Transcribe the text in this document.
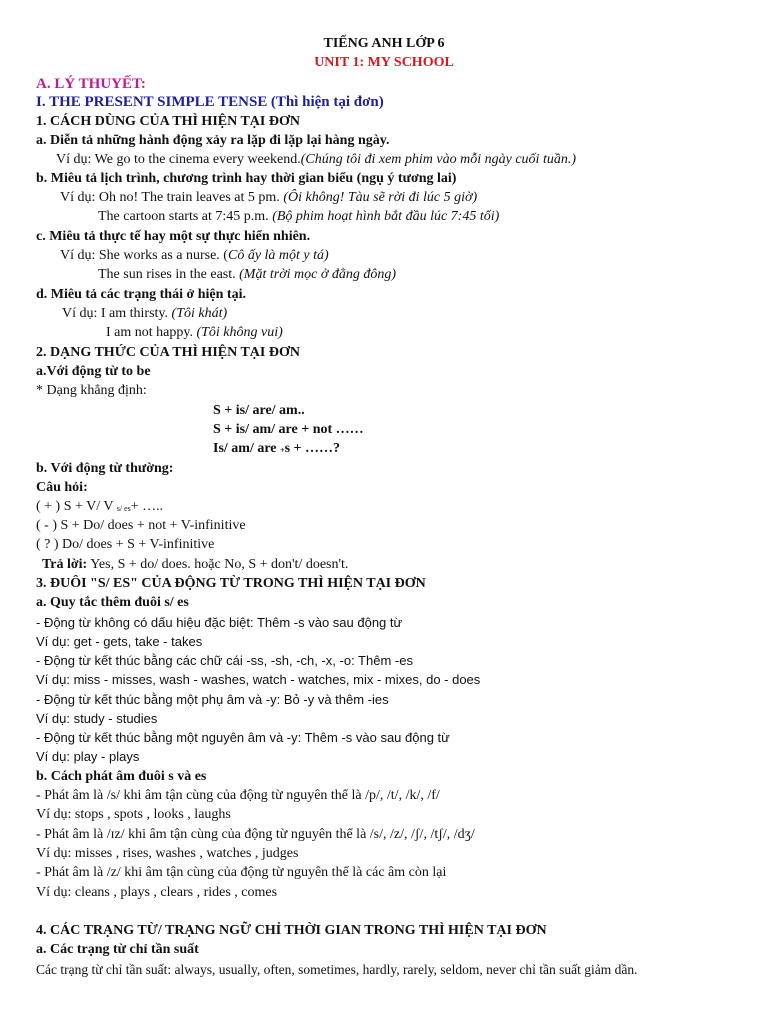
TIẾNG ANH LỚP 6
UNIT 1: MY SCHOOL
A. LÝ THUYẾT:
I. THE PRESENT SIMPLE TENSE (Thì hiện tại đơn)
1. CÁCH DÙNG CỦA THÌ HIỆN TẠI ĐƠN
a. Diễn tả những hành động xảy ra lặp đi lặp lại hàng ngày.
Ví dụ: We go to the cinema every weekend.(Chúng tôi đi xem phim vào mỗi ngày cuối tuần.)
b. Miêu tả lịch trình, chương trình hay thời gian biểu (ngụ ý tương lai)
Ví dụ: Oh no! The train leaves at 5 pm. (Ôi không! Tàu sẽ rời đi lúc 5 giờ)
The cartoon starts at 7:45 p.m. (Bộ phim hoạt hình bắt đầu lúc 7:45 tối)
c. Miêu tả thực tế hay một sự thực hiển nhiên.
Ví dụ: She works as a nurse. (Cô ấy là một y tá)
The sun rises in the east. (Mặt trời mọc ở đằng đông)
d. Miêu tả các trạng thái ở hiện tại.
Ví dụ: I am thirsty. (Tôi khát)
I am not happy. (Tôi không vui)
2. DẠNG THỨC CỦA THÌ HIỆN TẠI ĐƠN
a.Với động từ to be
* Dạng khẳng định:
S + is/ are/ am..
S + is/ am/ are + not ……
Is/ am/ are $_+$s + ……?
b. Với động từ thường:
Câu hỏi:
( + ) S + V/ V $_{s/ es}$+ …..
( - ) S + Do/ does + not + V-infinitive
( ? ) Do/ does + S + V-infinitive
Trả lời: Yes, S + do/ does. hoặc No, S + don't/ doesn't.
3. ĐUÔI "S/ ES" CỦA ĐỘNG TỪ TRONG THÌ HIỆN TẠI ĐƠN
a. Quy tắc thêm đuôi s/ es
- Động từ không có dấu hiệu đặc biệt: Thêm -s vào sau động từ
Ví dụ: get - gets, take - takes
- Động từ kết thúc bằng các chữ cái -ss, -sh, -ch, -x, -o: Thêm -es
Ví dụ: miss - misses, wash - washes, watch - watches, mix - mixes, do - does
- Động từ kết thúc bằng một phụ âm và -y: Bỏ -y và thêm -ies
Ví dụ: study - studies
- Động từ kết thúc bằng một nguyên âm và -y: Thêm -s vào sau động từ
Ví dụ: play - plays
b. Cách phát âm đuôi s và es
- Phát âm là /s/ khi âm tận cùng của động từ nguyên thể là /p/, /t/, /k/, /f/
Ví dụ: stops , spots , looks , laughs
- Phát âm là /ɪz/ khi âm tận cùng của động từ nguyên thể là /s/, /z/, /ʃ/, /tʃ/, /dʒ/
Ví dụ: misses , rises, washes , watches , judges
- Phát âm là /z/ khi âm tận cùng của động từ nguyên thể là các âm còn lại
Ví dụ: cleans , plays , clears , rides , comes
4. CÁC TRẠNG TỪ/ TRẠNG NGỮ CHỈ THỜI GIAN TRONG THÌ HIỆN TẠI ĐƠN
a. Các trạng từ chỉ tần suất
Các trạng từ chỉ tần suất: always, usually, often, sometimes, hardly, rarely, seldom, never chỉ tần suất giảm dần.
